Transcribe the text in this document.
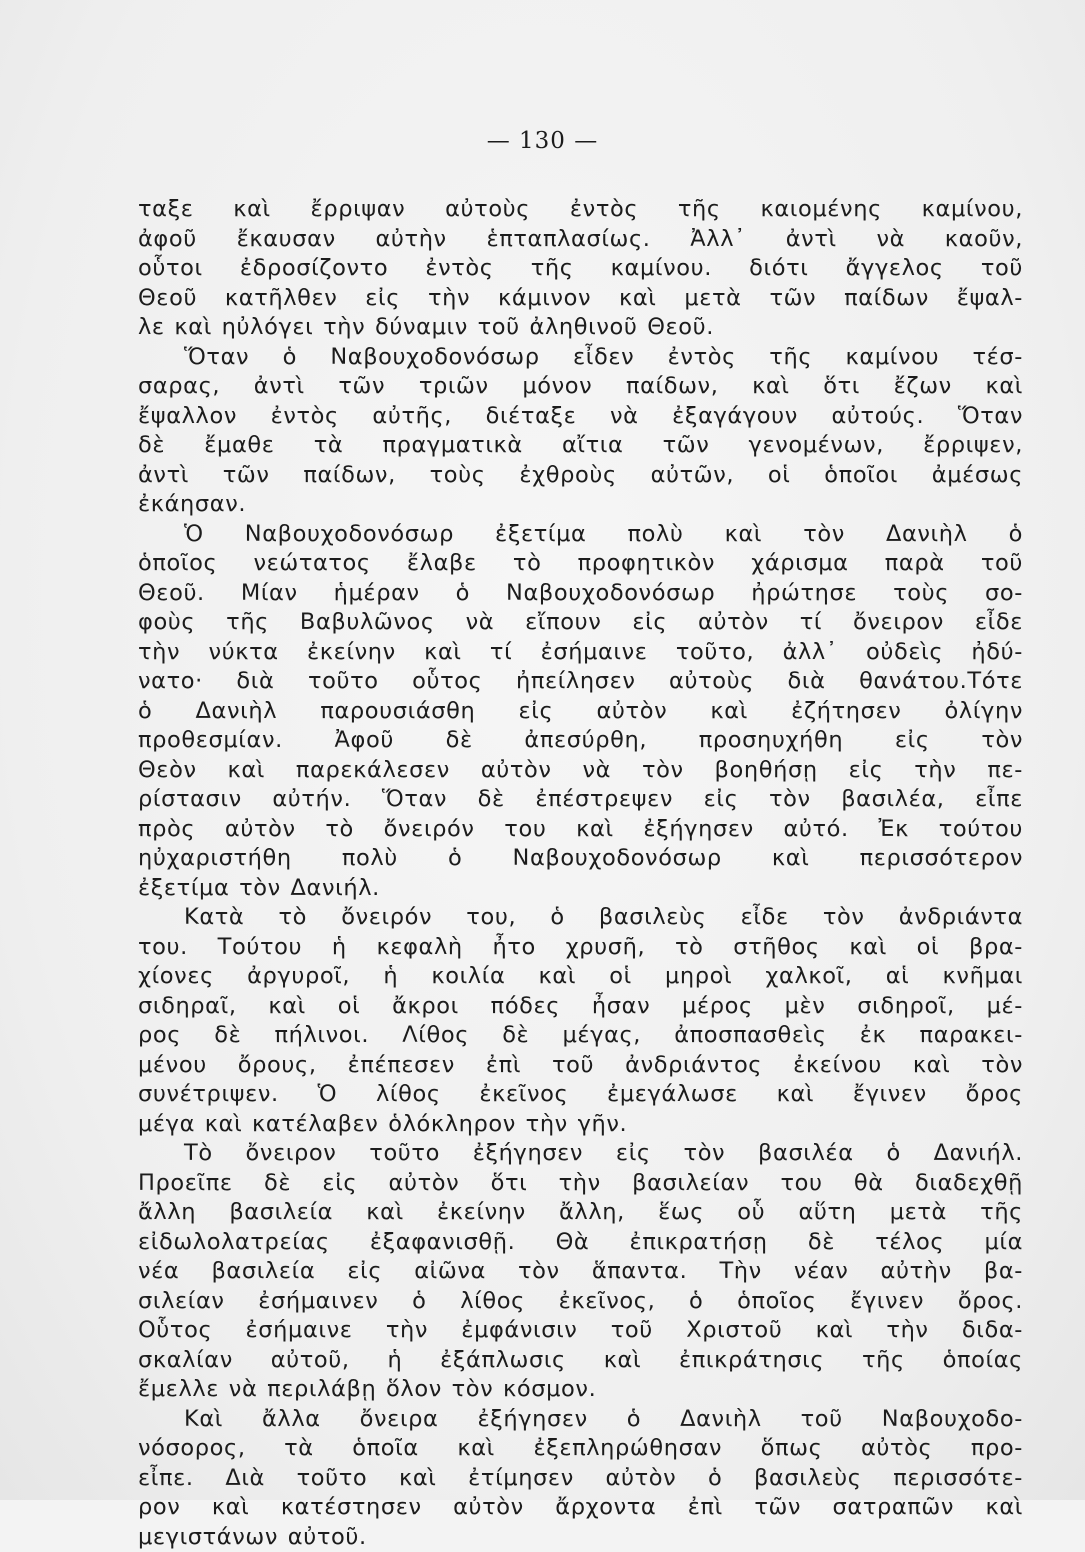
— 130 —
ταξε καὶ ἔρριψαν αὐτοὺς ἐντὸς τῆς καιομένης καμίνου,
ἀφοῦ ἔκαυσαν αὐτὴν ἑπταπλασίως. Ἀλλ᾿ ἀντὶ νὰ καοῦν,
οὗτοι ἐδροσίζοντο ἐντὸς τῆς καμίνου. διότι ἄγγελος τοῦ
Θεοῦ κατῆλθεν εἰς τὴν κάμινον καὶ μετὰ τῶν παίδων ἔψαλ-
λε καὶ ηὐλόγει τὴν δύναμιν τοῦ ἀληθινοῦ Θεοῦ.
Ὅταν ὁ Ναβουχοδονόσωρ εἶδεν ἐντὸς τῆς καμίνου τέσ-
σαρας, ἀντὶ τῶν τριῶν μόνον παίδων, καὶ ὅτι ἔζων καὶ
ἔψαλλον ἐντὸς αὐτῆς, διέταξε νὰ ἐξαγάγουν αὐτούς. Ὅταν
δὲ ἔμαθε τὰ πραγματικὰ αἴτια τῶν γενομένων, ἔρριψεν,
ἀντὶ τῶν παίδων, τοὺς ἐχθροὺς αὐτῶν, οἱ ὁποῖοι ἀμέσως
ἐκάησαν.
Ὁ Ναβουχοδονόσωρ ἐξετίμα πολὺ καὶ τὸν Δανιὴλ ὁ
ὁποῖος νεώτατος ἔλαβε τὸ προφητικὸν χάρισμα παρὰ τοῦ
Θεοῦ. Μίαν ἡμέραν ὁ Ναβουχοδονόσωρ ἠρώτησε τοὺς σο-
φοὺς τῆς Βαβυλῶνος νὰ εἴπουν εἰς αὐτὸν τί ὄνειρον εἶδε
τὴν νύκτα ἐκείνην καὶ τί ἐσήμαινε τοῦτο, ἀλλ᾿ οὐδεὶς ἠδύ-
νατο· διὰ τοῦτο οὗτος ἠπείλησεν αὐτοὺς διὰ θανάτου.Τότε
ὁ Δανιὴλ παρουσιάσθη εἰς αὐτὸν καὶ ἐζήτησεν ὀλίγην
προθεσμίαν. Ἀφοῦ δὲ ἀπεσύρθη, προσηυχήθη εἰς τὸν
Θεὸν καὶ παρεκάλεσεν αὐτὸν νὰ τὸν βοηθήσῃ εἰς τὴν πε-
ρίστασιν αὐτήν. Ὅταν δὲ ἐπέστρεψεν εἰς τὸν βασιλέα, εἶπε
πρὸς αὐτὸν τὸ ὄνειρόν του καὶ ἐξήγησεν αὐτό. Ἐκ τούτου
ηὐχαριστήθη πολὺ ὁ Ναβουχοδονόσωρ καὶ περισσότερον
ἐξετίμα τὸν Δανιήλ.
Κατὰ τὸ ὄνειρόν του, ὁ βασιλεὺς εἶδε τὸν ἀνδριάντα
του. Τούτου ἡ κεφαλὴ ἦτο χρυσῆ, τὸ στῆθος καὶ οἱ βρα-
χίονες ἀργυροῖ, ἡ κοιλία καὶ οἱ μηροὶ χαλκοῖ, αἱ κνῆμαι
σιδηραῖ, καὶ οἱ ἄκροι πόδες ἦσαν μέρος μὲν σιδηροῖ, μέ-
ρος δὲ πήλινοι. Λίθος δὲ μέγας, ἀποσπασθεὶς ἐκ παρακει-
μένου ὄρους, ἐπέπεσεν ἐπὶ τοῦ ἀνδριάντος ἐκείνου καὶ τὸν
συνέτριψεν. Ὁ λίθος ἐκεῖνος ἐμεγάλωσε καὶ ἔγινεν ὄρος
μέγα καὶ κατέλαβεν ὁλόκληρον τὴν γῆν.
Τὸ ὄνειρον τοῦτο ἐξήγησεν εἰς τὸν βασιλέα ὁ Δανιήλ.
Προεῖπε δὲ εἰς αὐτὸν ὅτι τὴν βασιλείαν του θὰ διαδεχθῇ
ἄλλη βασιλεία καὶ ἐκείνην ἄλλη, ἕως οὗ αὕτη μετὰ τῆς
εἰδωλολατρείας ἐξαφανισθῇ. Θὰ ἐπικρατήσῃ δὲ τέλος μία
νέα βασιλεία εἰς αἰῶνα τὸν ἅπαντα. Τὴν νέαν αὐτὴν βα-
σιλείαν ἐσήμαινεν ὁ λίθος ἐκεῖνος, ὁ ὁποῖος ἔγινεν ὄρος.
Οὗτος ἐσήμαινε τὴν ἐμφάνισιν τοῦ Χριστοῦ καὶ τὴν διδα-
σκαλίαν αὐτοῦ, ἡ ἐξάπλωσις καὶ ἐπικράτησις τῆς ὁποίας
ἔμελλε νὰ περιλάβῃ ὅλον τὸν κόσμον.
Καὶ ἄλλα ὄνειρα ἐξήγησεν ὁ Δανιὴλ τοῦ Ναβουχοδο-
νόσορος, τὰ ὁποῖα καὶ ἐξεπληρώθησαν ὅπως αὐτὸς προ-
εἶπε. Διὰ τοῦτο καὶ ἐτίμησεν αὐτὸν ὁ βασιλεὺς περισσότε-
ρον καὶ κατέστησεν αὐτὸν ἄρχοντα ἐπὶ τῶν σατραπῶν καὶ
μεγιστάνων αὐτοῦ.
